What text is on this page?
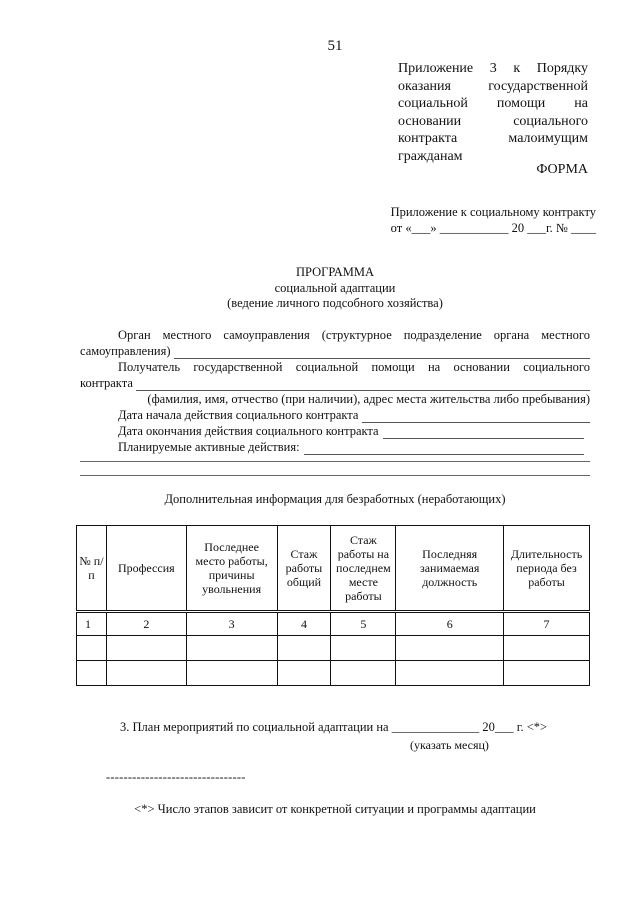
51
Приложение 3 к Порядку оказания государственной социальной помощи на основании социального контракта малоимущим гражданам
ФОРМА
Приложение к социальному контракту
от «___» ___________ 20 ___г. № ____
ПРОГРАММА
социальной адаптации
(ведение личного подсобного хозяйства)
Орган местного самоуправления (структурное подразделение органа местного
самоуправления)
Получатель государственной социальной помощи на основании социального
контракта
(фамилия, имя, отчество (при наличии), адрес места жительства либо пребывания)
Дата начала действия социального контракта
Дата окончания действия социального контракта
Планируемые активные действия:
Дополнительная информация для безработных (неработающих)
№ п/п	Профессия	Последнее место работы, причины увольнения	Стаж работы общий	Стаж работы на последнем месте работы	Последняя занимаемая должность	Длительность периода без работы
1	2	3	4	5	6	7

3. План мероприятий по социальной адаптации на ______________ 20___ г. <*>
(указать месяц)
--------------------------------
<*> Число этапов зависит от конкретной ситуации и программы адаптации
